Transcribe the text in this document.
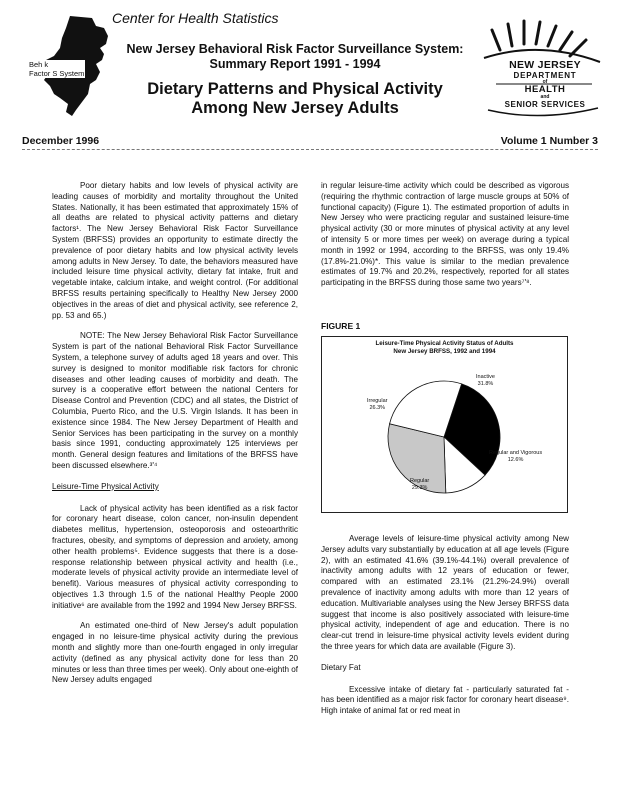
Beh k
Factor S System
Center for Health Statistics
New Jersey Behavioral Risk Factor Surveillance System:
Summary Report 1991 - 1994
Dietary Patterns and Physical Activity
Among New Jersey Adults
NEW JERSEY
DEPARTMENT
of
HEALTH
and
SENIOR SERVICES
December 1996	Volume 1 Number 3

Poor dietary habits and low levels of physical activity are leading causes of morbidity and mortality throughout the United States. Nationally, it has been estimated that approximately 15% of all deaths are related to physical activity patterns and dietary factors¹. The New Jersey Behavioral Risk Factor Surveillance System (BRFSS) provides an opportunity to estimate directly the prevalence of poor dietary habits and low physical activity levels among adults in New Jersey. To date, the behaviors measured have included leisure time physical activity, dietary fat intake, fruit and vegetable intake, calcium intake, and weight control. (For additional BRFSS results pertaining specifically to Healthy New Jersey 2000 objectives in the areas of diet and physical activity, see reference 2, pp. 53 and 65.)

NOTE: The New Jersey Behavioral Risk Factor Surveillance System is part of the national Behavioral Risk Factor Surveillance System, a telephone survey of adults aged 18 years and over. This survey is designed to monitor modifiable risk factors for chronic diseases and other leading causes of morbidity and death. The survey is a cooperative effort between the national Centers for Disease Control and Prevention (CDC) and all states, the District of Columbia, Puerto Rico, and the U.S. Virgin Islands. It has been in existence since 1984. The New Jersey Department of Health and Senior Services has been participating in the survey on a monthly basis since 1991, conducting approximately 125 interviews per month. General design features and limitations of the BRFSS have been discussed elsewhere.³'⁴

Leisure-Time Physical Activity

Lack of physical activity has been identified as a risk factor for coronary heart disease, colon cancer, non-insulin dependent diabetes mellitus, hypertension, osteoporosis and osteoarthritic fractures, obesity, and symptoms of depression and anxiety, among other health problems⁵. Evidence suggests that there is a dose-response relationship between physical activity and health (i.e., moderate levels of physical activity provide an intermediate level of benefit). Various measures of physical activity corresponding to objectives 1.3 through 1.5 of the national Healthy People 2000 initiative⁶ are available from the 1992 and 1994 New Jersey BRFSS.

An estimated one-third of New Jersey's adult population engaged in no leisure-time physical activity during the previous month and slightly more than one-fourth engaged in only irregular activity (defined as any physical activity done for less than 20 minutes or less than three times per week). Only about one-eighth of New Jersey adults engaged

in regular leisure-time activity which could be described as vigorous (requiring the rhythmic contraction of large muscle groups at 50% of functional capacity) (Figure 1). The estimated proportion of adults in New Jersey who were practicing regular and sustained leisure-time physical activity (30 or more minutes of physical activity at any level of intensity 5 or more times per week) on average during a typical month in 1992 or 1994, according to the BRFSS, was only 19.4% (17.8%-21.0%)*. This value is similar to the median prevalence estimates of 19.7% and 20.2%, respectively, reported for all states participating in the BRFSS during those same two years⁷'⁸.

FIGURE 1
Leisure-Time Physical Activity Status of Adults
New Jersey BRFSS, 1992 and 1994
Inactive
31.8%
Regular and Vigorous
12.6%
Regular
29.3%
Irregular
26.3%

Average levels of leisure-time physical activity among New Jersey adults vary substantially by education at all age levels (Figure 2), with an estimated 41.6% (39.1%-44.1%) overall prevalence of inactivity among adults with 12 years of education or fewer, compared with an estimated 23.1% (21.2%-24.9%) overall prevalence of inactivity among adults with more than 12 years of education. Multivariable analyses using the New Jersey BRFSS data suggest that income is also positively associated with leisure-time physical activity, independent of age and education. There is no clear-cut trend in leisure-time physical activity levels evident during the three years for which data are available (Figure 3).

Dietary Fat

Excessive intake of dietary fat - particularly saturated fat - has been identified as a major risk factor for coronary heart disease⁹. High intake of animal fat or red meat in
